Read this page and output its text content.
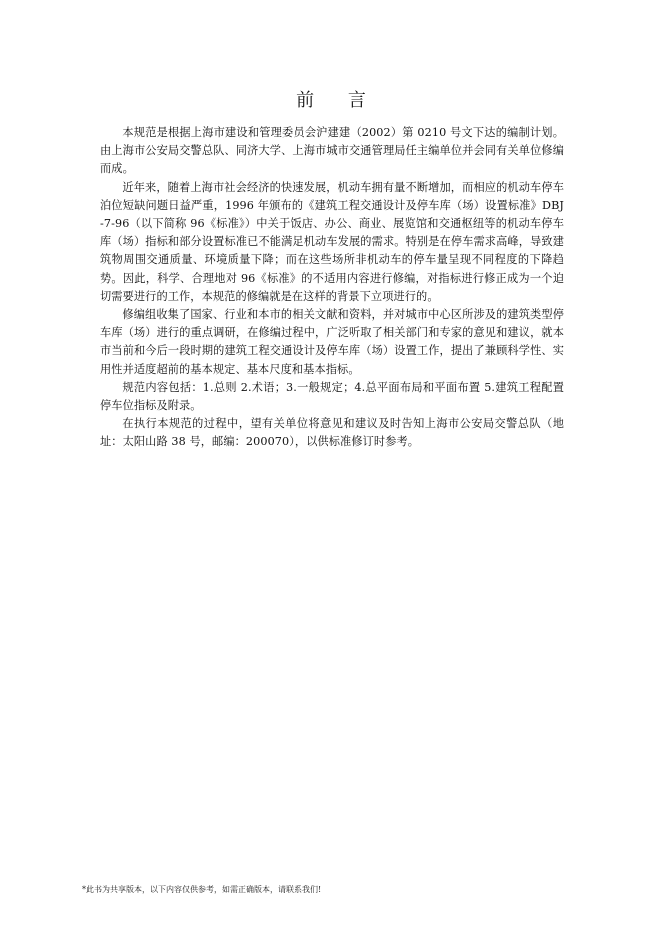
前 言

本规范是根据上海市建设和管理委员会沪建建（2002）第 0210 号文下达的编制计划。由上海市公安局交警总队、同济大学、上海市城市交通管理局任主编单位并会同有关单位修编而成。

近年来，随着上海市社会经济的快速发展，机动车拥有量不断增加，而相应的机动车停车泊位短缺问题日益严重，1996 年颁布的《建筑工程交通设计及停车库（场）设置标准》DBJ-7-96（以下简称 96《标准》）中关于饭店、办公、商业、展览馆和交通枢纽等的机动车停车库（场）指标和部分设置标准已不能满足机动车发展的需求。特别是在停车需求高峰，导致建筑物周围交通质量、环境质量下降；而在这些场所非机动车的停车量呈现不同程度的下降趋势。因此，科学、合理地对 96《标准》的不适用内容进行修编，对指标进行修正成为一个迫切需要进行的工作，本规范的修编就是在这样的背景下立项进行的。

修编组收集了国家、行业和本市的相关文献和资料，并对城市中心区所涉及的建筑类型停车库（场）进行的重点调研，在修编过程中，广泛听取了相关部门和专家的意见和建议，就本市当前和今后一段时期的建筑工程交通设计及停车库（场）设置工作，提出了兼顾科学性、实用性并适度超前的基本规定、基本尺度和基本指标。

规范内容包括：1.总则 2.术语；3.一般规定；4.总平面布局和平面布置 5.建筑工程配置停车位指标及附录。

在执行本规范的过程中，望有关单位将意见和建议及时告知上海市公安局交警总队（地址：太阳山路 38 号，邮编：200070），以供标准修订时参考。

*此书为共享版本，以下内容仅供参考，如需正确版本，请联系我们!
